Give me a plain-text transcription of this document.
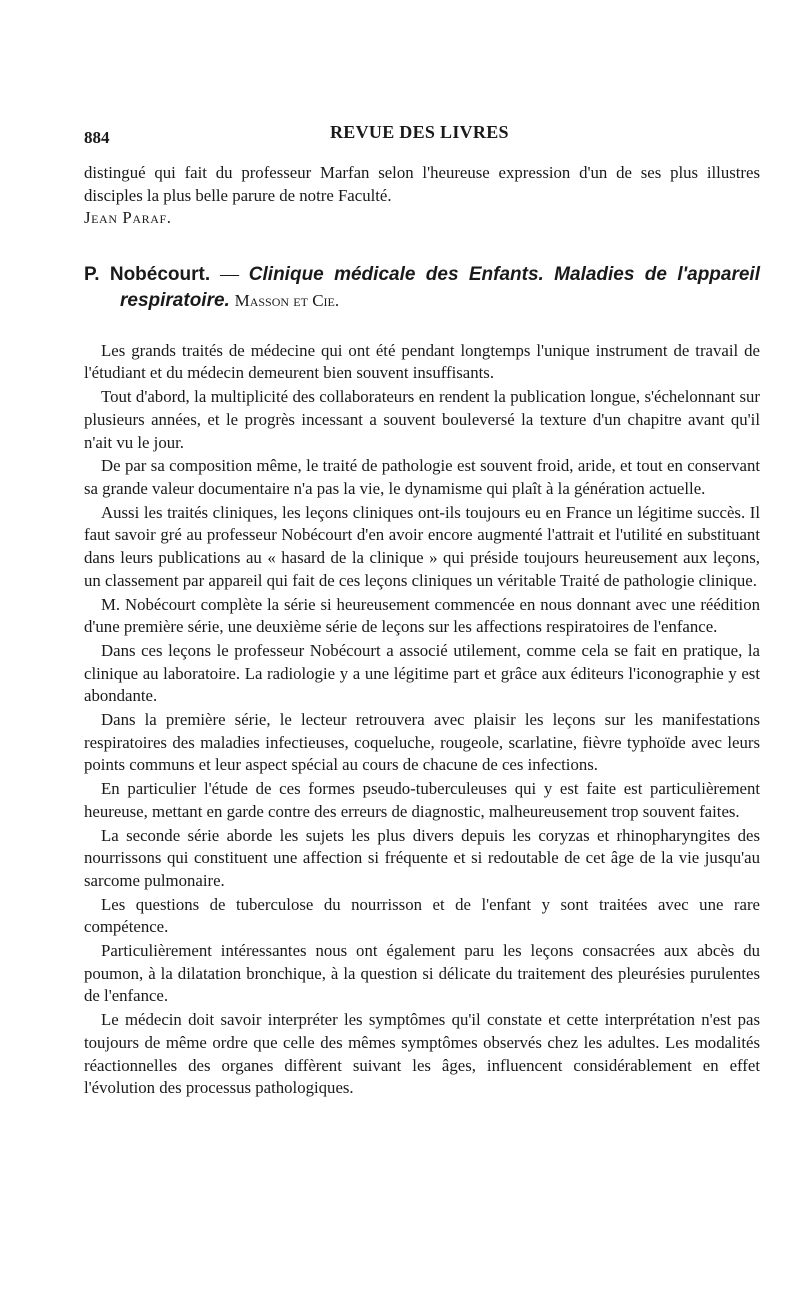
884	REVUE DES LIVRES

distingué qui fait du professeur Marfan selon l'heureuse expression d'un de ses plus illustres disciples la plus belle parure de notre Faculté.

Jean Paraf.

P. Nobécourt. — Clinique médicale des Enfants. Maladies de l'appareil respiratoire. Masson et Cie.

Les grands traités de médecine qui ont été pendant longtemps l'unique instrument de travail de l'étudiant et du médecin demeurent bien souvent insuffisants.

Tout d'abord, la multiplicité des collaborateurs en rendent la publication longue, s'échelonnant sur plusieurs années, et le progrès incessant a souvent bouleversé la texture d'un chapitre avant qu'il n'ait vu le jour.

De par sa composition même, le traité de pathologie est souvent froid, aride, et tout en conservant sa grande valeur documentaire n'a pas la vie, le dynamisme qui plaît à la génération actuelle.

Aussi les traités cliniques, les leçons cliniques ont-ils toujours eu en France un légitime succès. Il faut savoir gré au professeur Nobécourt d'en avoir encore augmenté l'attrait et l'utilité en substituant dans leurs publications au « hasard de la clinique » qui préside toujours heureusement aux leçons, un classement par appareil qui fait de ces leçons cliniques un véritable Traité de pathologie clinique.

M. Nobécourt complète la série si heureusement commencée en nous donnant avec une réédition d'une première série, une deuxième série de leçons sur les affections respiratoires de l'enfance.

Dans ces leçons le professeur Nobécourt a associé utilement, comme cela se fait en pratique, la clinique au laboratoire. La radiologie y a une légitime part et grâce aux éditeurs l'iconographie y est abondante.

Dans la première série, le lecteur retrouvera avec plaisir les leçons sur les manifestations respiratoires des maladies infectieuses, coqueluche, rougeole, scarlatine, fièvre typhoïde avec leurs points communs et leur aspect spécial au cours de chacune de ces infections.

En particulier l'étude de ces formes pseudo-tuberculeuses qui y est faite est particulièrement heureuse, mettant en garde contre des erreurs de diagnostic, malheureusement trop souvent faites.

La seconde série aborde les sujets les plus divers depuis les coryzas et rhinopharyngites des nourrissons qui constituent une affection si fréquente et si redoutable de cet âge de la vie jusqu'au sarcome pulmonaire.

Les questions de tuberculose du nourrisson et de l'enfant y sont traitées avec une rare compétence.

Particulièrement intéressantes nous ont également paru les leçons consacrées aux abcès du poumon, à la dilatation bronchique, à la question si délicate du traitement des pleurésies purulentes de l'enfance.

Le médecin doit savoir interpréter les symptômes qu'il constate et cette interprétation n'est pas toujours de même ordre que celle des mêmes symptômes observés chez les adultes. Les modalités réactionnelles des organes diffèrent suivant les âges, influencent considérablement en effet l'évolution des processus pathologiques.
